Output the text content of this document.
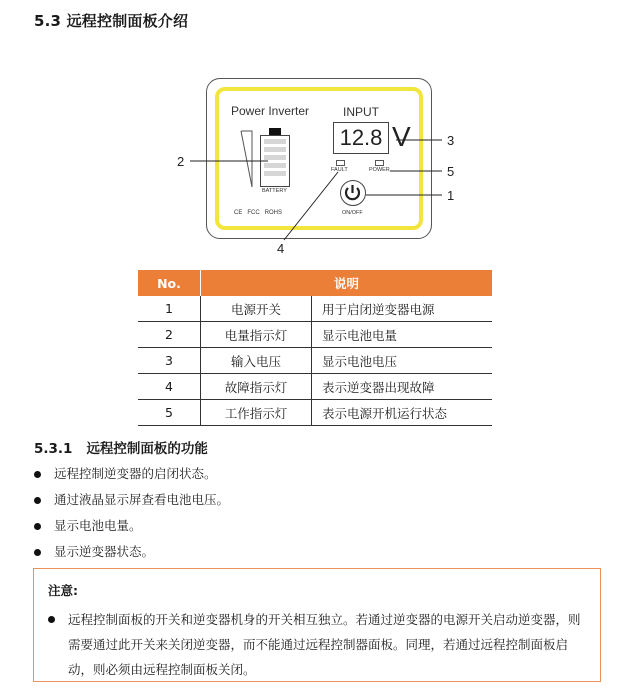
5.3 远程控制面板介绍
Power Inverter	INPUT
12.8 V
BATTERY
CE   FCC   ROHS
FAULT	POWER
ON/OFF
1
2
3
4
5
No.	说明	
1	电源开关	用于启闭逆变器电源
2	电量指示灯	显示电池电量
3	输入电压	显示电池电压
4	故障指示灯	表示逆变器出现故障
5	工作指示灯	表示电源开机运行状态
5.3.1 远程控制面板的功能
远程控制逆变器的启闭状态。
通过液晶显示屏查看电池电压。
显示电池电量。
显示逆变器状态。
注意:
远程控制面板的开关和逆变器机身的开关相互独立。若通过逆变器的电源开关启动逆变器，则需要通过此开关来关闭逆变器，而不能通过远程控制器面板。同理，若通过远程控制面板启动，则必须由远程控制面板关闭。
